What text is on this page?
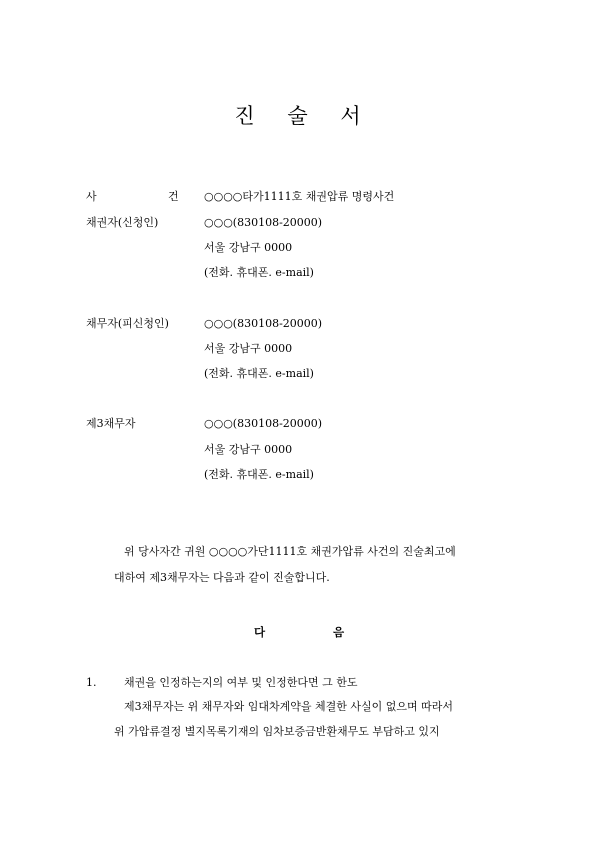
진 술 서
사	건 ○○○○타가1111호 채권압류 명령사건
채권자(신청인)	○○○(830108-20000)
서울 강남구 0000
(전화. 휴대폰. e-mail)
채무자(피신청인)	○○○(830108-20000)
서울 강남구 0000
(전화. 휴대폰. e-mail)
제3채무자	○○○(830108-20000)
서울 강남구 0000
(전화. 휴대폰. e-mail)
위 당사자간 귀원 ○○○○가단1111호 채권가압류 사건의 진술최고에
대하여 제3채무자는 다음과 같이 진술합니다.
다	음
1.	채권을 인정하는지의 여부 및 인정한다면 그 한도
제3채무자는 위 채무자와 임대차계약을 체결한 사실이 없으며 따라서
위 가압류결정 별지목록기재의 임차보증금반환채무도 부담하고 있지
